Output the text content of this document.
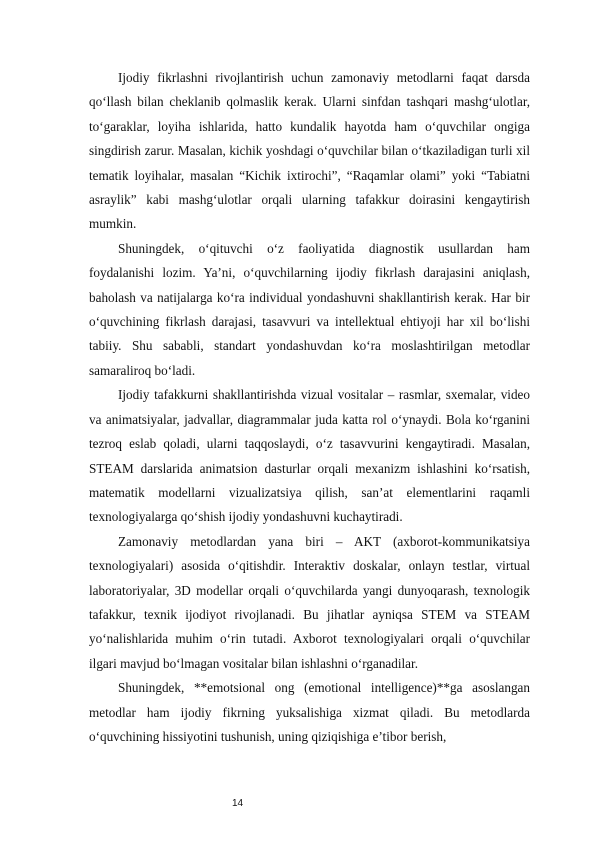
Ijodiy fikrlashni rivojlantirish uchun zamonaviy metodlarni faqat darsda qo‘llash bilan cheklanib qolmaslik kerak. Ularni sinfdan tashqari mashg‘ulotlar, to‘garaklar, loyiha ishlarida, hatto kundalik hayotda ham o‘quvchilar ongiga singdirish zarur. Masalan, kichik yoshdagi o‘quvchilar bilan o‘tkaziladigan turli xil tematik loyihalar, masalan “Kichik ixtirochi”, “Raqamlar olami” yoki “Tabiatni asraylik” kabi mashg‘ulotlar orqali ularning tafakkur doirasini kengaytirish mumkin.

Shuningdek, o‘qituvchi o‘z faoliyatida diagnostik usullardan ham foydalanishi lozim. Ya’ni, o‘quvchilarning ijodiy fikrlash darajasini aniqlash, baholash va natijalarga ko‘ra individual yondashuvni shakllantirish kerak. Har bir o‘quvchining fikrlash darajasi, tasavvuri va intellektual ehtiyoji har xil bo‘lishi tabiiy. Shu sababli, standart yondashuvdan ko‘ra moslashtirilgan metodlar samaraliroq bo‘ladi.

Ijodiy tafakkurni shakllantirishda vizual vositalar – rasmlar, sxemalar, video va animatsiyalar, jadvallar, diagrammalar juda katta rol o‘ynaydi. Bola ko‘rganini tezroq eslab qoladi, ularni taqqoslaydi, o‘z tasavvurini kengaytiradi. Masalan, STEAM darslarida animatsion dasturlar orqali mexanizm ishlashini ko‘rsatish, matematik modellarni vizualizatsiya qilish, san’at elementlarini raqamli texnologiyalarga qo‘shish ijodiy yondashuvni kuchaytiradi.

Zamonaviy metodlardan yana biri – AKT (axborot-kommunikatsiya texnologiyalari) asosida o‘qitishdir. Interaktiv doskalar, onlayn testlar, virtual laboratoriyalar, 3D modellar orqali o‘quvchilarda yangi dunyoqarash, texnologik tafakkur, texnik ijodiyot rivojlanadi. Bu jihatlar ayniqsa STEM va STEAM yo‘nalishlarida muhim o‘rin tutadi. Axborot texnologiyalari orqali o‘quvchilar ilgari mavjud bo‘lmagan vositalar bilan ishlashni o‘rganadilar.

Shuningdek, **emotsional ong (emotional intelligence)**ga asoslangan metodlar ham ijodiy fikrning yuksalishiga xizmat qiladi. Bu metodlarda o‘quvchining hissiyotini tushunish, uning qiziqishiga e’tibor berish,

14
